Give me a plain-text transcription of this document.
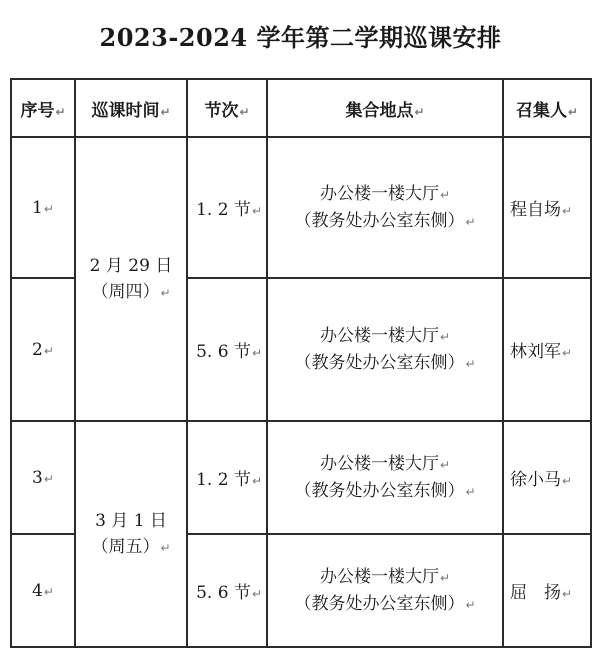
2023-2024 学年第二学期巡课安排
序号↵	巡课时间↵	节次↵	集合地点↵	召集人↵
1↵	2 月 29 日
（周四）↵	1. 2 节↵	办公楼一楼大厅↵
（教务处办公室东侧）↵	程自场↵
2↵		5. 6 节↵	办公楼一楼大厅↵
（教务处办公室东侧）↵	林刘军↵
3↵	3 月 1 日
（周五）↵	1. 2 节↵	办公楼一楼大厅↵
（教务处办公室东侧）↵	徐小马↵
4↵		5. 6 节↵	办公楼一楼大厅↵
（教务处办公室东侧）↵	屈　扬↵
